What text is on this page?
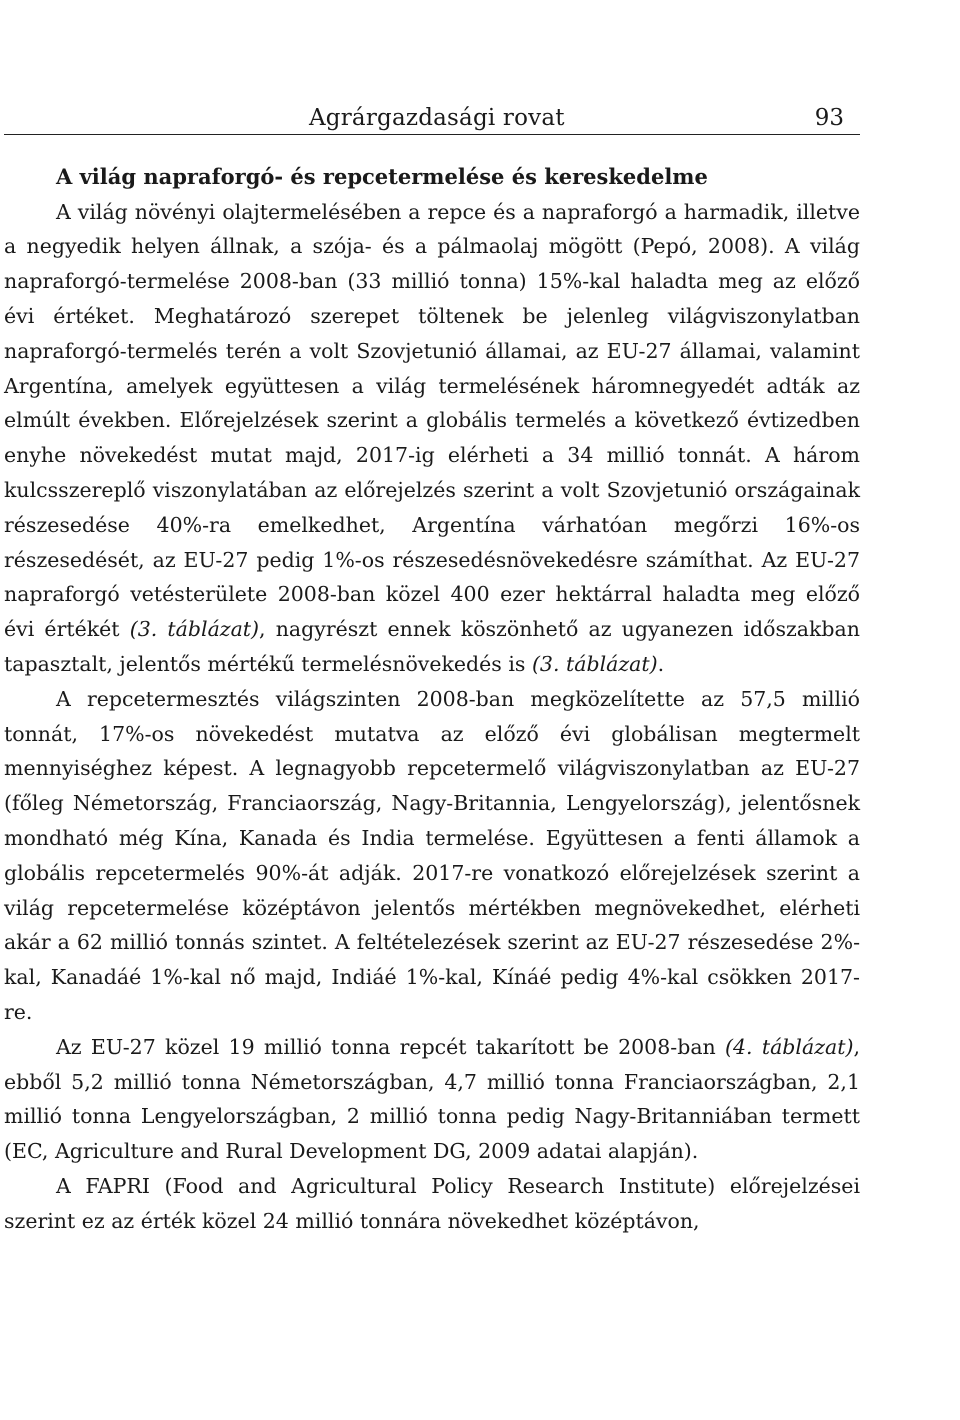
Agrárgazdasági rovat	93
A világ napraforgó- és repcetermelése és kereskedelme

A világ növényi olajtermelésében a repce és a napraforgó a harmadik, illetve a negyedik helyen állnak, a szója- és a pálmaolaj mögött (Pepó, 2008). A világ napraforgó-termelése 2008-ban (33 millió tonna) 15%-kal haladta meg az előző évi értéket. Meghatározó szerepet töltenek be jelenleg világviszonylatban napraforgó-termelés terén a volt Szovjetunió államai, az EU-27 államai, valamint Argentína, amelyek együttesen a világ termelésének háromnegyedét adták az elmúlt években. Előrejelzések szerint a globális termelés a következő évtizedben enyhe növekedést mutat majd, 2017-ig elérheti a 34 millió tonnát. A három kulcsszereplő viszonylatában az előrejelzés szerint a volt Szovjetunió országainak részesedése 40%-ra emelkedhet, Argentína várhatóan megőrzi 16%-os részesedését, az EU-27 pedig 1%-os részesedésnövekedésre számíthat. Az EU-27 napraforgó vetésterülete 2008-ban közel 400 ezer hektárral haladta meg előző évi értékét (3. táblázat), nagyrészt ennek köszönhető az ugyanezen időszakban tapasztalt, jelentős mértékű termelésnövekedés is (3. táblázat).

A repcetermesztés világszinten 2008-ban megközelítette az 57,5 millió tonnát, 17%-os növekedést mutatva az előző évi globálisan megtermelt mennyiséghez képest. A legnagyobb repcetermelő világviszonylatban az EU-27 (főleg Németország, Franciaország, Nagy-Britannia, Lengyelország), jelentősnek mondható még Kína, Kanada és India termelése. Együttesen a fenti államok a globális repcetermelés 90%-át adják. 2017-re vonatkozó előrejelzések szerint a világ repcetermelése középtávon jelentős mértékben megnövekedhet, elérheti akár a 62 millió tonnás szintet. A feltételezések szerint az EU-27 részesedése 2%-kal, Kanadáé 1%-kal nő majd, Indiáé 1%-kal, Kínáé pedig 4%-kal csökken 2017-re.

Az EU-27 közel 19 millió tonna repcét takarított be 2008-ban (4. táblázat), ebből 5,2 millió tonna Németországban, 4,7 millió tonna Franciaországban, 2,1 millió tonna Lengyelországban, 2 millió tonna pedig Nagy-Britanniában termett (EC, Agriculture and Rural Development DG, 2009 adatai alapján).

A FAPRI (Food and Agricultural Policy Research Institute) előrejelzései szerint ez az érték közel 24 millió tonnára növekedhet középtávon,
